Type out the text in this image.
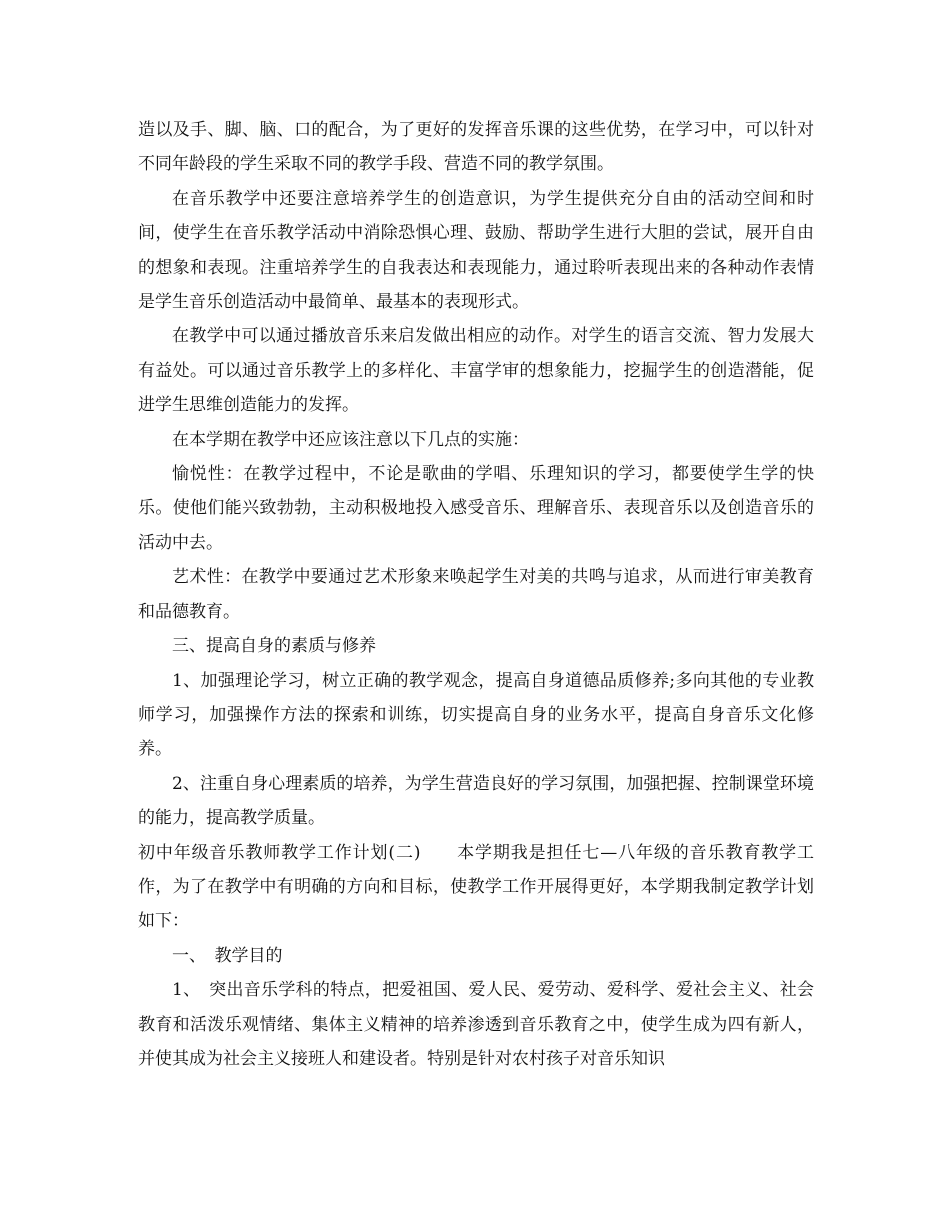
造以及手、脚、脑、口的配合，为了更好的发挥音乐课的这些优势，在学习中，可以针对不同年龄段的学生采取不同的教学手段、营造不同的教学氛围。

在音乐教学中还要注意培养学生的创造意识，为学生提供充分自由的活动空间和时间，使学生在音乐教学活动中消除恐惧心理、鼓励、帮助学生进行大胆的尝试，展开自由的想象和表现。注重培养学生的自我表达和表现能力，通过聆听表现出来的各种动作表情是学生音乐创造活动中最简单、最基本的表现形式。

在教学中可以通过播放音乐来启发做出相应的动作。对学生的语言交流、智力发展大有益处。可以通过音乐教学上的多样化、丰富学审的想象能力，挖掘学生的创造潜能，促进学生思维创造能力的发挥。

在本学期在教学中还应该注意以下几点的实施：

愉悦性：在教学过程中，不论是歌曲的学唱、乐理知识的学习，都要使学生学的快乐。使他们能兴致勃勃，主动积极地投入感受音乐、理解音乐、表现音乐以及创造音乐的活动中去。

艺术性：在教学中要通过艺术形象来唤起学生对美的共鸣与追求，从而进行审美教育和品德教育。

三、提高自身的素质与修养

1、加强理论学习，树立正确的教学观念，提高自身道德品质修养;多向其他的专业教师学习，加强操作方法的探索和训练，切实提高自身的业务水平，提高自身音乐文化修养。

2、注重自身心理素质的培养，为学生营造良好的学习氛围，加强把握、控制课堂环境的能力，提高教学质量。

初中年级音乐教师教学工作计划(二)　　本学期我是担任七—八年级的音乐教育教学工作，为了在教学中有明确的方向和目标，使教学工作开展得更好，本学期我制定教学计划如下：

一、　教学目的

1、　突出音乐学科的特点，把爱祖国、爱人民、爱劳动、爱科学、爱社会主义、社会教育和活泼乐观情绪、集体主义精神的培养渗透到音乐教育之中，使学生成为四有新人，并使其成为社会主义接班人和建设者。特别是针对农村孩子对音乐知识
